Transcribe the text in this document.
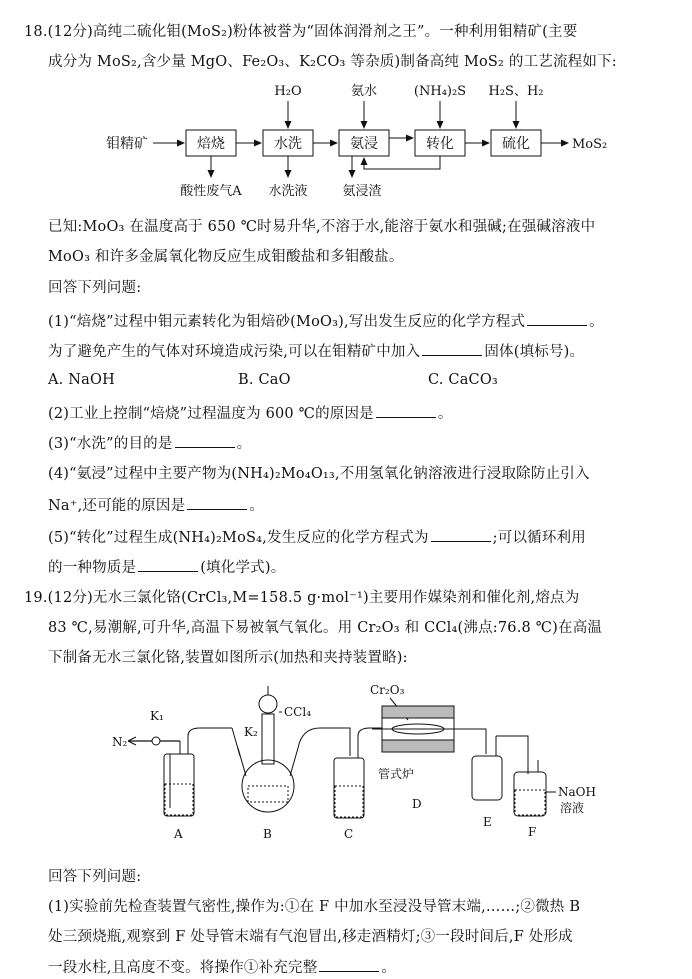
18.(12分)高纯二硫化钼(MoS₂)粉体被誉为“固体润滑剂之王”。一种利用钼精矿(主要
成分为 MoS₂,含少量 MgO、Fe₂O₃、K₂CO₃ 等杂质)制备高纯 MoS₂ 的工艺流程如下:
钼精矿	焙烧	水洗	氨浸	转化	硫化	MoS₂
H₂O	氨水	(NH₄)₂S H₂S、H₂
酸性废气A 水洗液	氨浸渣
已知:MoO₃ 在温度高于 650 ℃时易升华,不溶于水,能溶于氨水和强碱;在强碱溶液中
MoO₃ 和许多金属氧化物反应生成钼酸盐和多钼酸盐。
回答下列问题:
(1)“焙烧”过程中钼元素转化为钼焙砂(MoO₃),写出发生反应的化学方程式	。
为了避免产生的气体对环境造成污染,可以在钼精矿中加入	固体(填标号)。
A. NaOH	B. CaO	C. CaCO₃
(2)工业上控制“焙烧”过程温度为 600 ℃的原因是	。
(3)“水洗”的目的是	。
(4)“氨浸”过程中主要产物为(NH₄)₂Mo₄O₁₃,不用氢氧化钠溶液进行浸取除防止引入
Na⁺,还可能的原因是	。
(5)“转化”过程生成(NH₄)₂MoS₄,发生反应的化学方程式为	;可以循环利用
的一种物质是	(填化学式)。
19.(12分)无水三氯化铬(CrCl₃,M=158.5 g·mol⁻¹)主要用作媒染剂和催化剂,熔点为
83 ℃,易潮解,可升华,高温下易被氧气氧化。用 Cr₂O₃ 和 CCl₄(沸点:76.8 ℃)在高温
下制备无水三氯化铬,装置如图所示(加热和夹持装置略):
N₂
K₁
A
CCl₄
K₂
B	C
Cr₂O₃
管式炉
D
E
NaOH
溶液
F
回答下列问题:
(1)实验前先检查装置气密性,操作为:①在 F 中加水至浸没导管末端,……;②微热 B
处三颈烧瓶,观察到 F 处导管末端有气泡冒出,移走酒精灯;③一段时间后,F 处形成
一段水柱,且高度不变。将操作①补充完整	。
